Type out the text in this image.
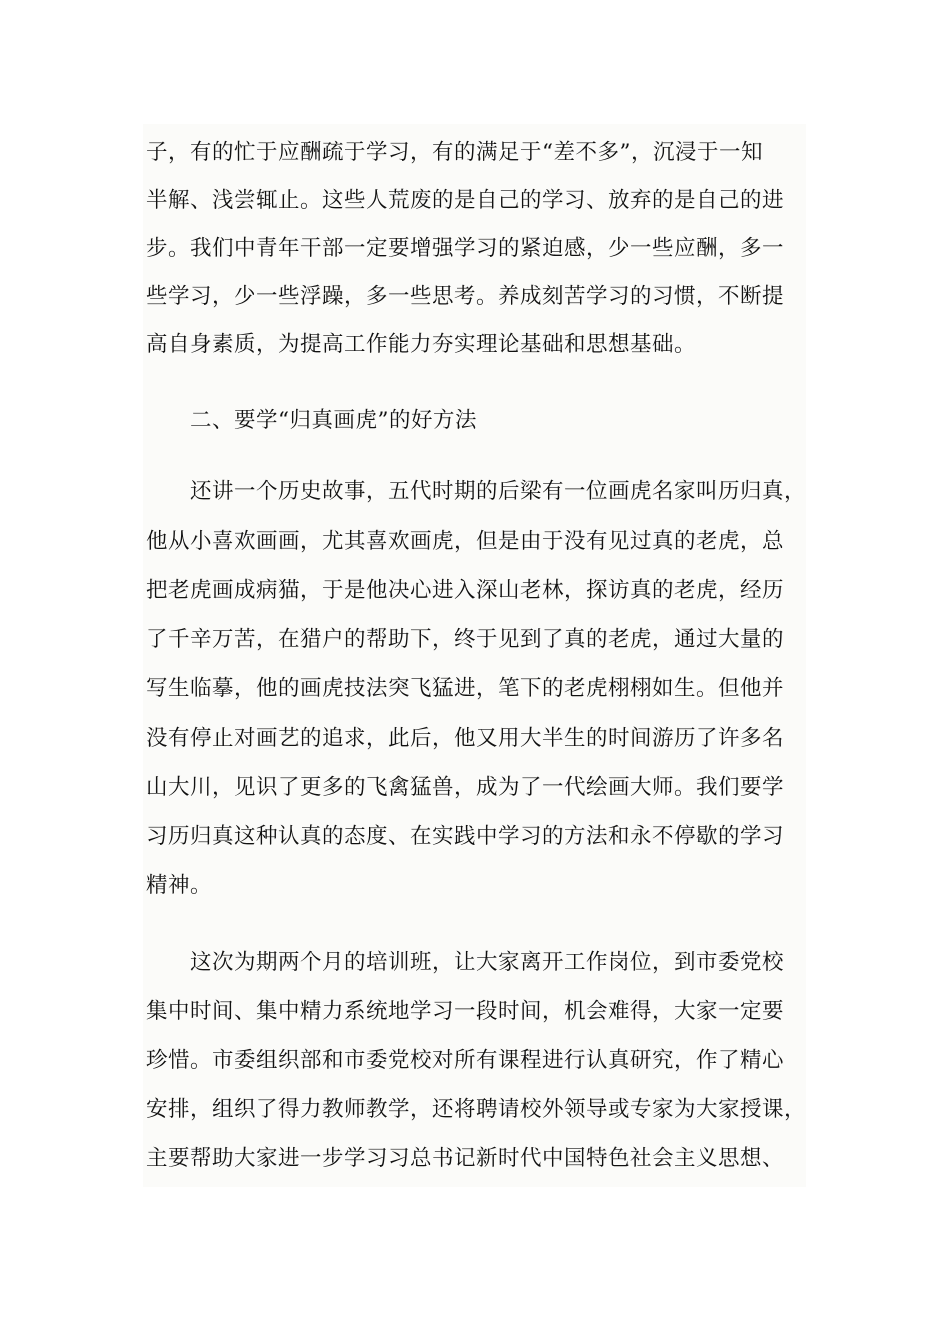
子，有的忙于应酬疏于学习，有的满足于“差不多”，沉浸于一知
半解、浅尝辄止。这些人荒废的是自己的学习、放弃的是自己的进
步。我们中青年干部一定要增强学习的紧迫感，少一些应酬，多一
些学习，少一些浮躁，多一些思考。养成刻苦学习的习惯，不断提
高自身素质，为提高工作能力夯实理论基础和思想基础。
二、要学“归真画虎”的好方法
还讲一个历史故事，五代时期的后梁有一位画虎名家叫历归真，
他从小喜欢画画，尤其喜欢画虎，但是由于没有见过真的老虎，总
把老虎画成病猫，于是他决心进入深山老林，探访真的老虎，经历
了千辛万苦，在猎户的帮助下，终于见到了真的老虎，通过大量的
写生临摹，他的画虎技法突飞猛进，笔下的老虎栩栩如生。但他并
没有停止对画艺的追求，此后，他又用大半生的时间游历了许多名
山大川，见识了更多的飞禽猛兽，成为了一代绘画大师。我们要学
习历归真这种认真的态度、在实践中学习的方法和永不停歇的学习
精神。
这次为期两个月的培训班，让大家离开工作岗位，到市委党校
集中时间、集中精力系统地学习一段时间，机会难得，大家一定要
珍惜。市委组织部和市委党校对所有课程进行认真研究，作了精心
安排，组织了得力教师教学，还将聘请校外领导或专家为大家授课，
主要帮助大家进一步学习习总书记新时代中国特色社会主义思想、
